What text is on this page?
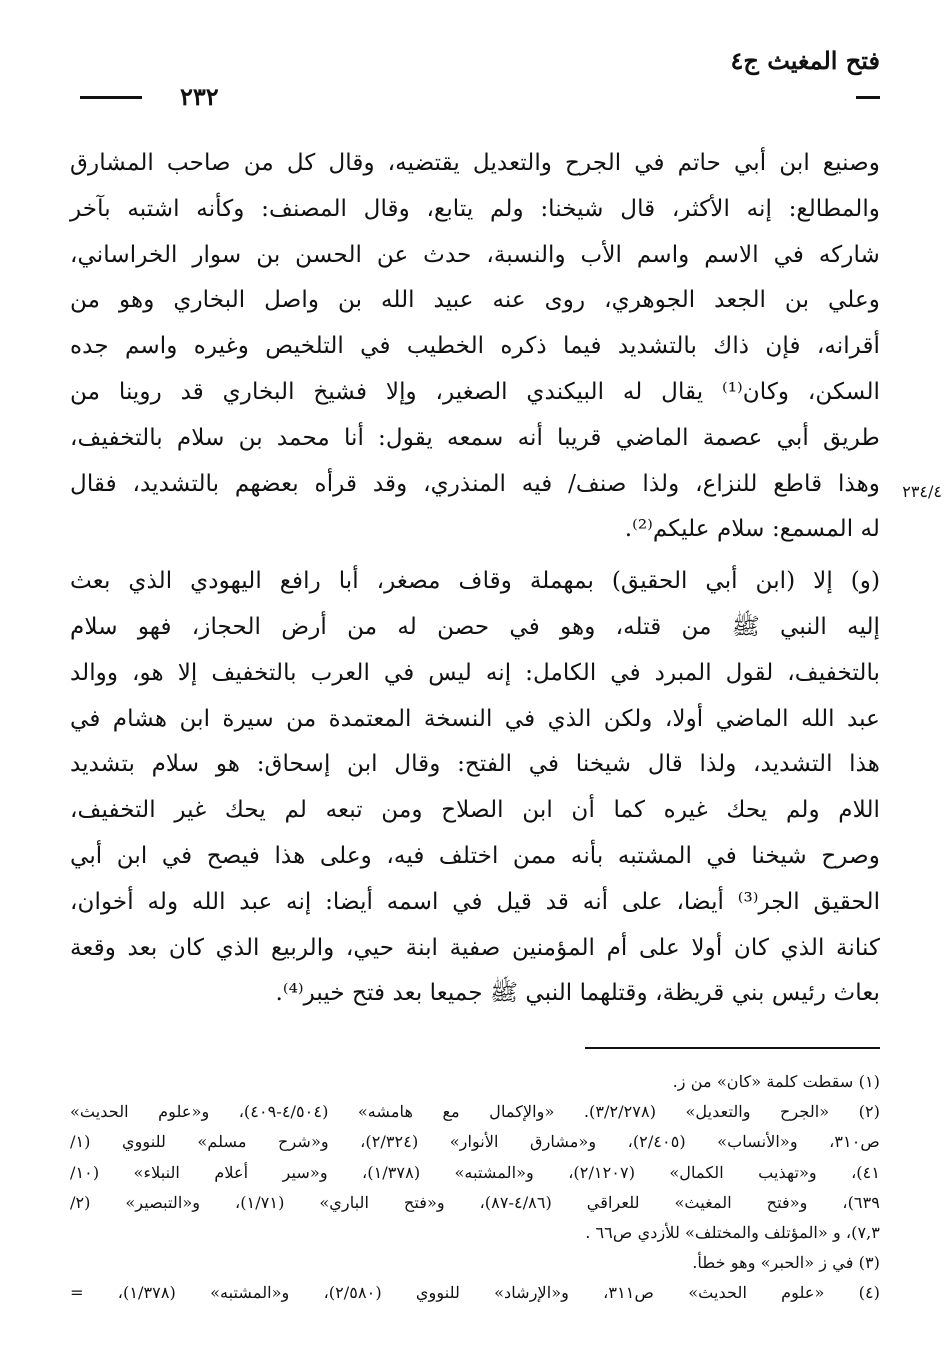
فتح المغيث ج٤
٢٣٢
٢٣٤/٤
وصنيع ابن أبي حاتم في الجرح والتعديل يقتضيه، وقال كل من صاحب المشارق
والمطالع: إنه الأكثر، قال شيخنا: ولم يتابع، وقال المصنف: وكأنه اشتبه بآخر
شاركه في الاسم واسم الأب والنسبة، حدث عن الحسن بن سوار الخراساني،
وعلي بن الجعد الجوهري، روى عنه عبيد الله بن واصل البخاري وهو من
أقرانه، فإن ذاك بالتشديد فيما ذكره الخطيب في التلخيص وغيره واسم جده
السكن، وكان⁽¹⁾ يقال له البيكندي الصغير، وإلا فشيخ البخاري قد روينا من
طريق أبي عصمة الماضي قريبا أنه سمعه يقول: أنا محمد بن سلام بالتخفيف،
وهذا قاطع للنزاع، ولذا صنف/ فيه المنذري، وقد قرأه بعضهم بالتشديد، فقال
له المسمع: سلام عليكم⁽²⁾.
(و) إلا (ابن أبي الحقيق) بمهملة وقاف مصغر، أبا رافع اليهودي الذي بعث
إليه النبي ﷺ من قتله، وهو في حصن له من أرض الحجاز، فهو سلام
بالتخفيف، لقول المبرد في الكامل: إنه ليس في العرب بالتخفيف إلا هو، ووالد
عبد الله الماضي أولا، ولكن الذي في النسخة المعتمدة من سيرة ابن هشام في
هذا التشديد، ولذا قال شيخنا في الفتح: وقال ابن إسحاق: هو سلام بتشديد
اللام ولم يحك غيره كما أن ابن الصلاح ومن تبعه لم يحك غير التخفيف،
وصرح شيخنا في المشتبه بأنه ممن اختلف فيه، وعلى هذا فيصح في ابن أبي
الحقيق الجر⁽³⁾ أيضا، على أنه قد قيل في اسمه أيضا: إنه عبد الله وله أخوان،
كنانة الذي كان أولا على أم المؤمنين صفية ابنة حيي، والربيع الذي كان بعد وقعة
بعاث رئيس بني قريظة، وقتلهما النبي ﷺ جميعا بعد فتح خيبر⁽⁴⁾.
(١) سقطت كلمة «كان» من ز.
(٢) «الجرح والتعديل» (٣/٢/٢٧٨). «والإكمال مع هامشه» (٤/٥٠٤-٤٠٩)، و«علوم الحديث»
ص٣١٠، و«الأنساب» (٢/٤٠٥)، و«مشارق الأنوار» (٢/٣٢٤)، و«شرح مسلم» للنووي (١/
٤١)، و«تهذيب الكمال» (٢/١٢٠٧)، و«المشتبه» (١/٣٧٨)، و«سير أعلام النبلاء» (١٠/
٦٣٩)، و«فتح المغيث» للعراقي (٤/٨٦-٨٧)، و«فتح الباري» (١/٧١)، و«التبصير» (٢/
٧,٣)، و «المؤتلف والمختلف» للأزدي ص٦٦ .
(٣) في ز «الحبر» وهو خطأ.
(٤) «علوم الحديث» ص٣١١، و«الإرشاد» للنووي (٢/٥٨٠)، و«المشتبه» (١/٣٧٨)، =
